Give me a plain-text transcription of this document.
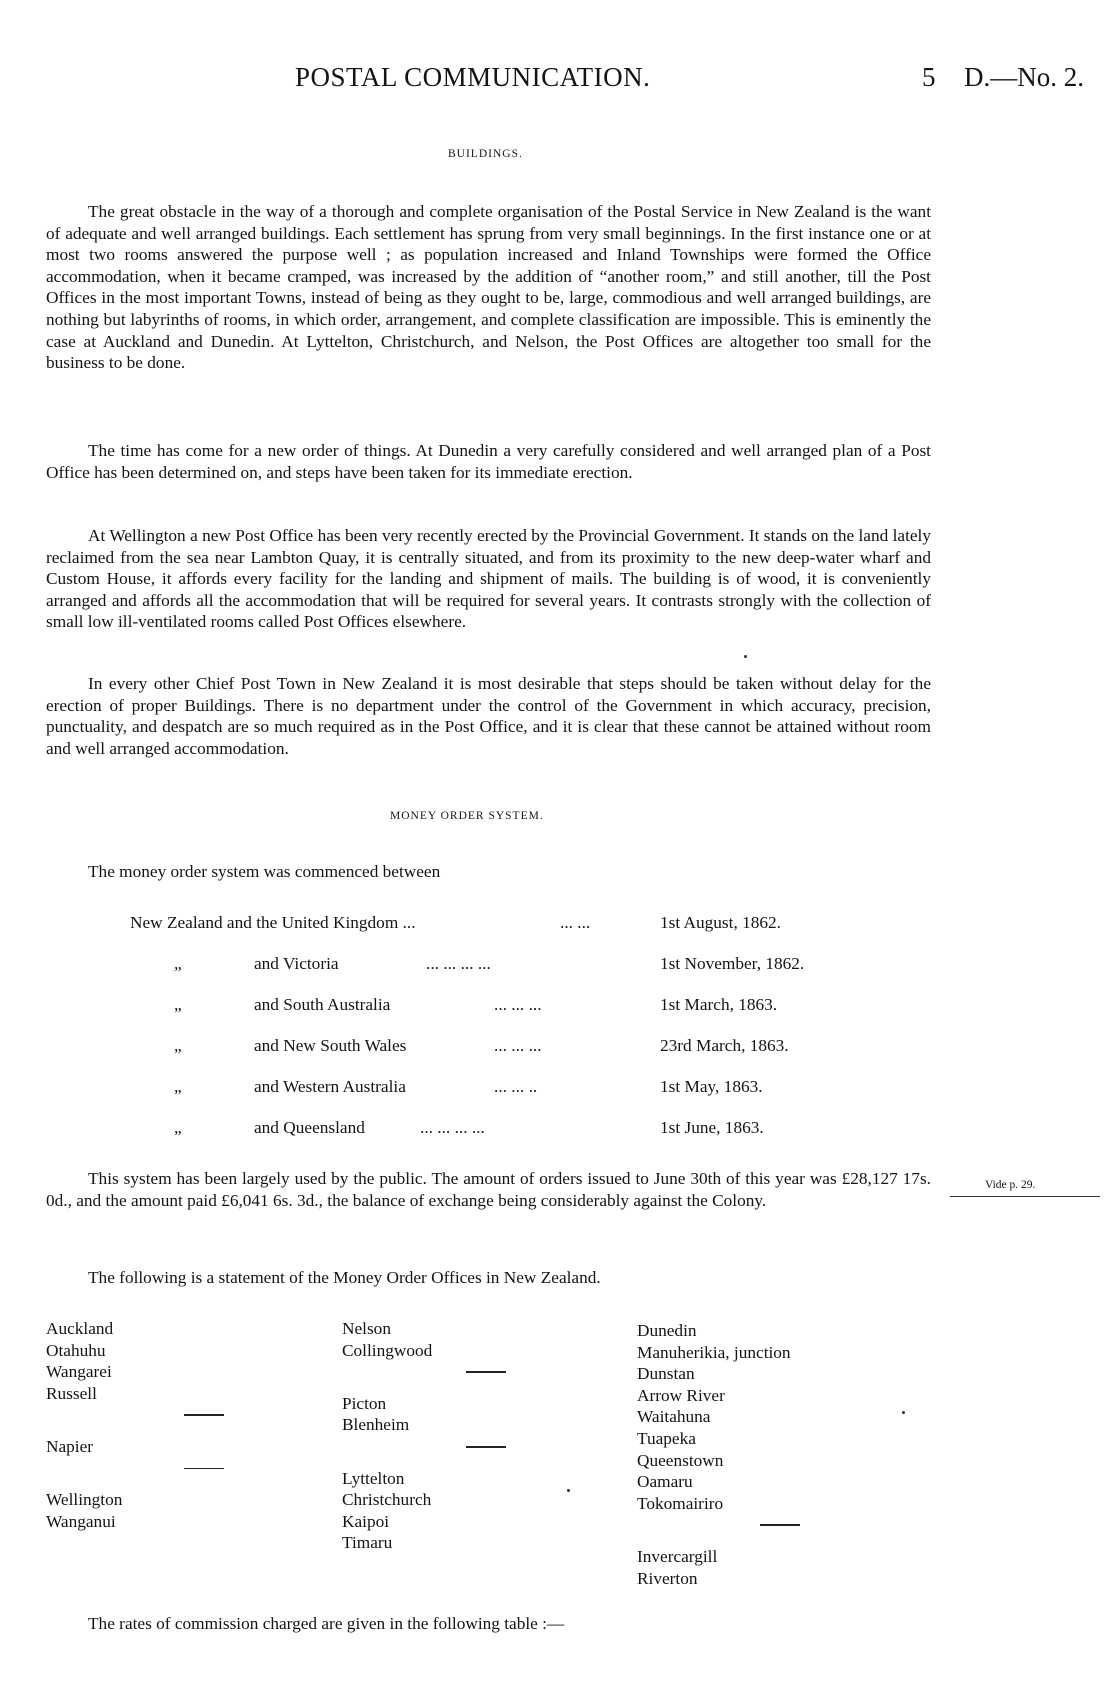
POSTAL COMMUNICATION.	5 D.—No. 2.
BUILDINGS.

The great obstacle in the way of a thorough and complete organisation of the Postal Service in New Zealand is the want of adequate and well arranged buildings. Each settlement has sprung from very small beginnings. In the first instance one or at most two rooms answered the purpose well ; as population increased and Inland Townships were formed the Office accommodation, when it became cramped, was increased by the addition of “another room,” and still another, till the Post Offices in the most important Towns, instead of being as they ought to be, large, commodious and well arranged buildings, are nothing but labyrinths of rooms, in which order, arrangement, and complete classification are impossible. This is eminently the case at Auckland and Dunedin. At Lyttelton, Christchurch, and Nelson, the Post Offices are altogether too small for the business to be done.

The time has come for a new order of things. At Dunedin a very carefully considered and well arranged plan of a Post Office has been determined on, and steps have been taken for its immediate erection.

At Wellington a new Post Office has been very recently erected by the Provincial Government. It stands on the land lately reclaimed from the sea near Lambton Quay, it is centrally situated, and from its proximity to the new deep-water wharf and Custom House, it affords every facility for the landing and shipment of mails. The building is of wood, it is conveniently arranged and affords all the accommodation that will be required for several years. It contrasts strongly with the collection of small low ill-ventilated rooms called Post Offices elsewhere.

In every other Chief Post Town in New Zealand it is most desirable that steps should be taken without delay for the erection of proper Buildings. There is no department under the control of the Government in which accuracy, precision, punctuality, and despatch are so much required as in the Post Office, and it is clear that these cannot be attained without room and well arranged accommodation.

MONEY ORDER SYSTEM.
The money order system was commenced between
New Zealand and the United Kingdom ...	... ...	1st August, 1862.
„	and Victoria	... ... ... ...	1st November, 1862.
„	and South Australia	... ... ...	1st March, 1863.
„	and New South Wales	... ... ...	23rd March, 1863.
„	and Western Australia	... ... ..	1st May, 1863.
„	and Queensland	... ... ... ...	1st June, 1863.

This system has been largely used by the public. The amount of orders issued to June 30th of this year was £28,127 17s. 0d., and the amount paid £6,041 6s. 3d., the balance of exchange being considerably against the Colony.

Vide p. 29.
The following is a statement of the Money Order Offices in New Zealand.
Auckland
Otahuhu
Wangarei
Russell
Napier
Wellington
Wanganui
Nelson
Collingwood
Picton
Blenheim
Lyttelton
Christchurch
Kaipoi
Timaru
Dunedin
Manuherikia, junction
Dunstan
Arrow River
Waitahuna
Tuapeka
Queenstown
Oamaru
Tokomairiro
Invercargill
Riverton
The rates of commission charged are given in the following table :—
